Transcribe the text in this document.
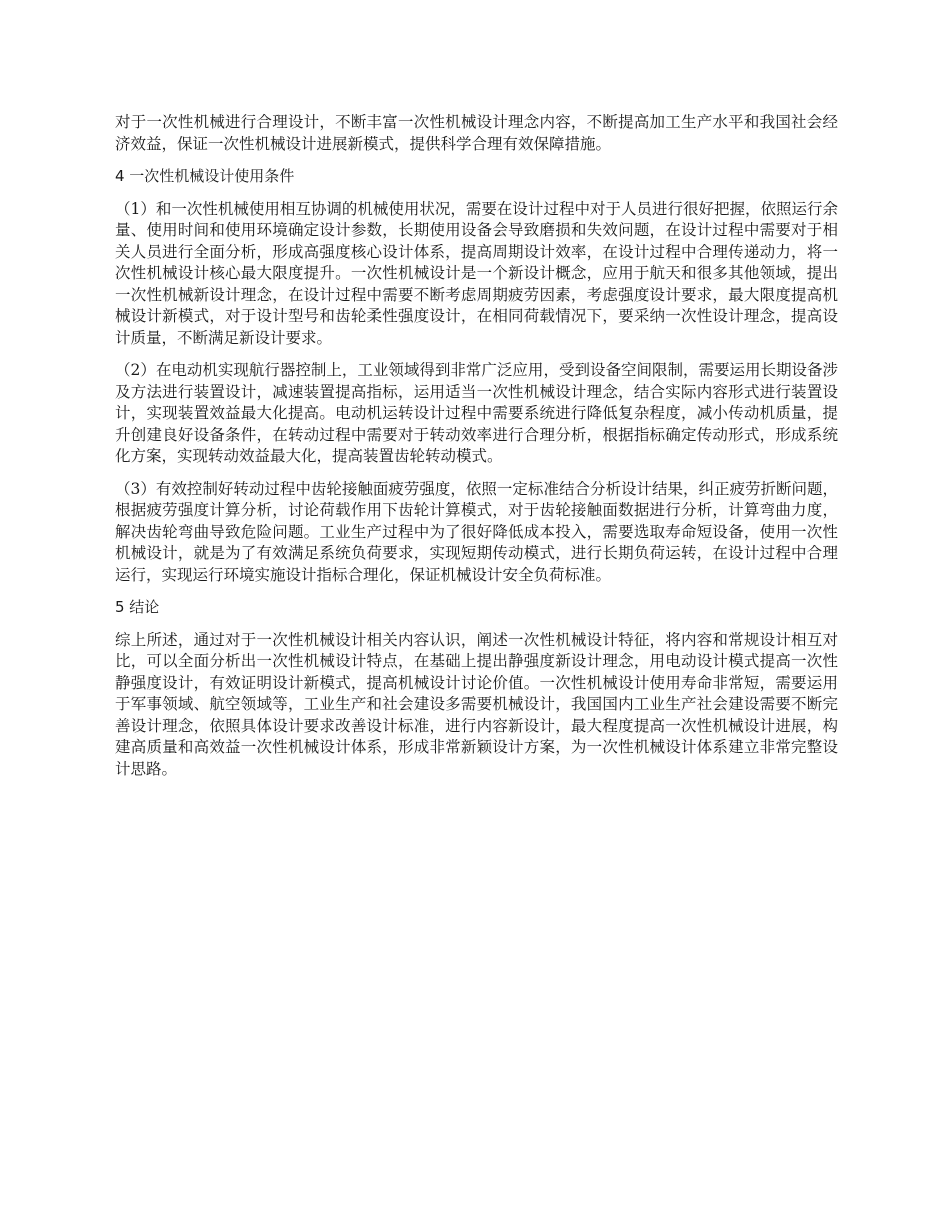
对于一次性机械进行合理设计，不断丰富一次性机械设计理念内容，不断提高加工生产水平和我国社会经济效益，保证一次性机械设计进展新模式，提供科学合理有效保障措施。

4 一次性机械设计使用条件

（1）和一次性机械使用相互协调的机械使用状况，需要在设计过程中对于人员进行很好把握，依照运行余量、使用时间和使用环境确定设计参数，长期使用设备会导致磨损和失效问题，在设计过程中需要对于相关人员进行全面分析，形成高强度核心设计体系，提高周期设计效率，在设计过程中合理传递动力，将一次性机械设计核心最大限度提升。一次性机械设计是一个新设计概念，应用于航天和很多其他领域，提出一次性机械新设计理念，在设计过程中需要不断考虑周期疲劳因素，考虑强度设计要求，最大限度提高机械设计新模式，对于设计型号和齿轮柔性强度设计，在相同荷载情况下，要采纳一次性设计理念，提高设计质量，不断满足新设计要求。

（2）在电动机实现航行器控制上，工业领域得到非常广泛应用，受到设备空间限制，需要运用长期设备涉及方法进行装置设计，减速装置提高指标，运用适当一次性机械设计理念，结合实际内容形式进行装置设计，实现装置效益最大化提高。电动机运转设计过程中需要系统进行降低复杂程度，减小传动机质量，提升创建良好设备条件，在转动过程中需要对于转动效率进行合理分析，根据指标确定传动形式，形成系统化方案，实现转动效益最大化，提高装置齿轮转动模式。

（3）有效控制好转动过程中齿轮接触面疲劳强度，依照一定标准结合分析设计结果，纠正疲劳折断问题，根据疲劳强度计算分析，讨论荷载作用下齿轮计算模式，对于齿轮接触面数据进行分析，计算弯曲力度，解决齿轮弯曲导致危险问题。工业生产过程中为了很好降低成本投入，需要选取寿命短设备，使用一次性机械设计，就是为了有效满足系统负荷要求，实现短期传动模式，进行长期负荷运转，在设计过程中合理运行，实现运行环境实施设计指标合理化，保证机械设计安全负荷标准。

5 结论

综上所述，通过对于一次性机械设计相关内容认识，阐述一次性机械设计特征，将内容和常规设计相互对比，可以全面分析出一次性机械设计特点，在基础上提出静强度新设计理念，用电动设计模式提高一次性静强度设计，有效证明设计新模式，提高机械设计讨论价值。一次性机械设计使用寿命非常短，需要运用于军事领域、航空领域等，工业生产和社会建设多需要机械设计，我国国内工业生产社会建设需要不断完善设计理念，依照具体设计要求改善设计标准，进行内容新设计，最大程度提高一次性机械设计进展，构建高质量和高效益一次性机械设计体系，形成非常新颖设计方案，为一次性机械设计体系建立非常完整设计思路。
